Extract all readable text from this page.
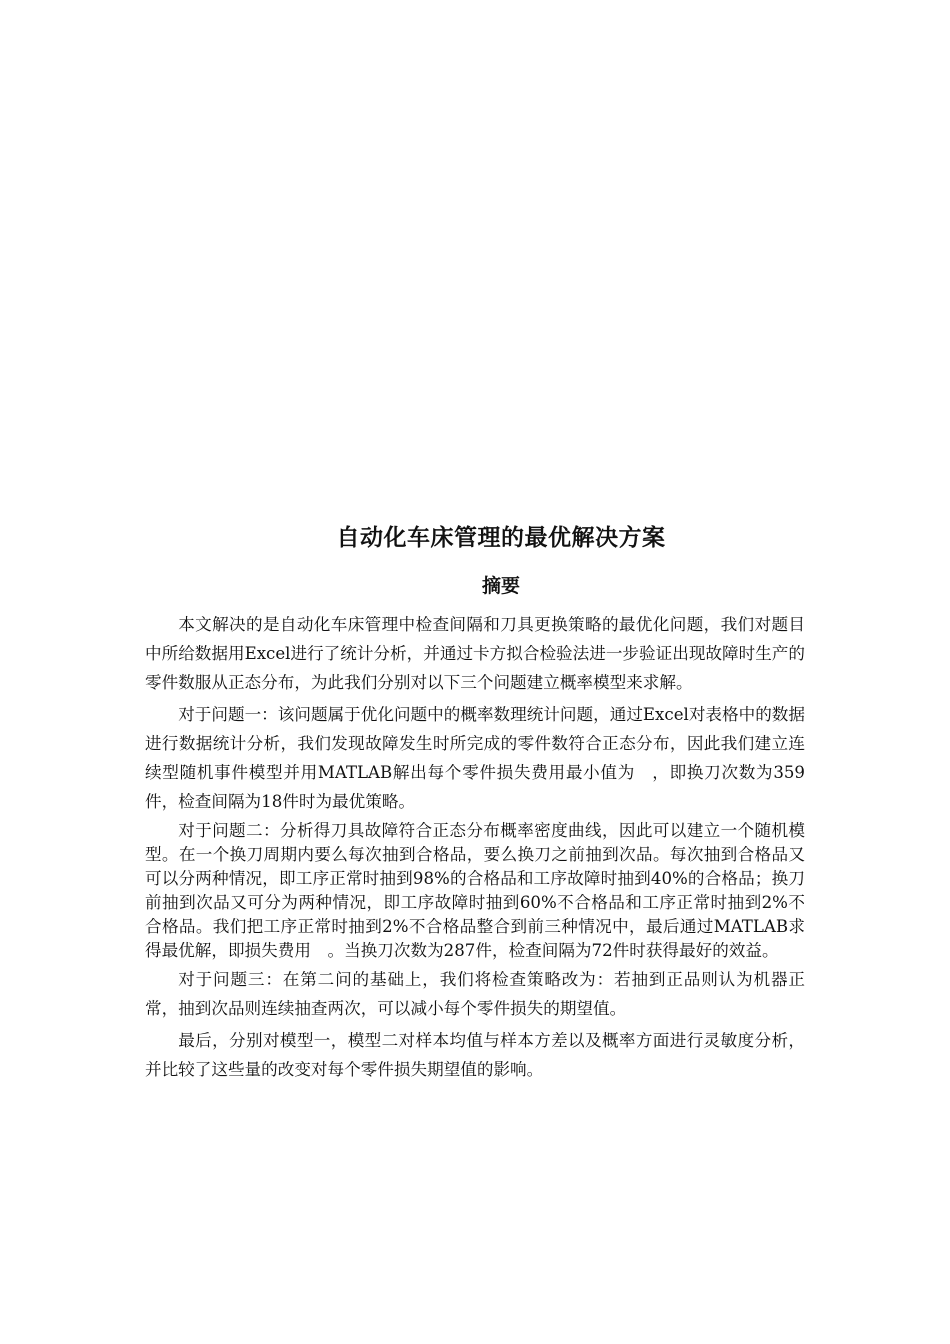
自动化车床管理的最优解决方案
摘要

本文解决的是自动化车床管理中检查间隔和刀具更换策略的最优化问题，我们对题目中所给数据用Excel进行了统计分析，并通过卡方拟合检验法进一步验证出现故障时生产的零件数服从正态分布，为此我们分别对以下三个问题建立概率模型来求解。

对于问题一：该问题属于优化问题中的概率数理统计问题，通过Excel对表格中的数据进行数据统计分析，我们发现故障发生时所完成的零件数符合正态分布，因此我们建立连续型随机事件模型并用MATLAB解出每个零件损失费用最小值为　，即换刀次数为359件，检查间隔为18件时为最优策略。

对于问题二：分析得刀具故障符合正态分布概率密度曲线，因此可以建立一个随机模型。在一个换刀周期内要么每次抽到合格品，要么换刀之前抽到次品。每次抽到合格品又可以分两种情况，即工序正常时抽到98%的合格品和工序故障时抽到40%的合格品；换刀前抽到次品又可分为两种情况，即工序故障时抽到60%不合格品和工序正常时抽到2%不合格品。我们把工序正常时抽到2%不合格品整合到前三种情况中，最后通过MATLAB求得最优解，即损失费用　。当换刀次数为287件，检查间隔为72件时获得最好的效益。

对于问题三：在第二问的基础上，我们将检查策略改为：若抽到正品则认为机器正常，抽到次品则连续抽查两次，可以减小每个零件损失的期望值。

最后，分别对模型一，模型二对样本均值与样本方差以及概率方面进行灵敏度分析，并比较了这些量的改变对每个零件损失期望值的影响。
